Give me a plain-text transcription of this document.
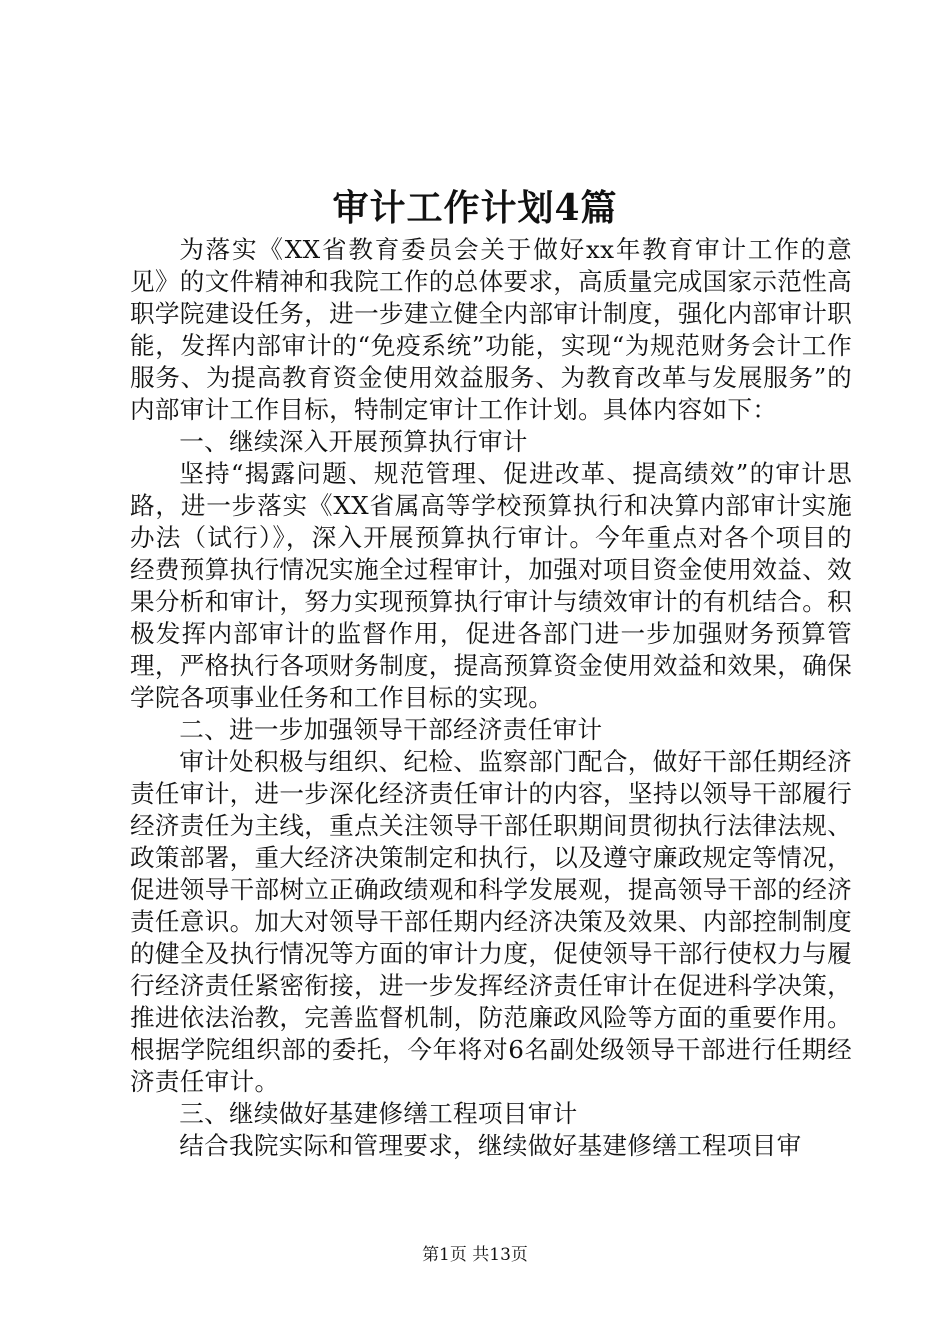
审计工作计划4篇

为落实《XX省教育委员会关于做好xx年教育审计工作的意见》的文件精神和我院工作的总体要求，高质量完成国家示范性高职学院建设任务，进一步建立健全内部审计制度，强化内部审计职能，发挥内部审计的“免疫系统”功能，实现“为规范财务会计工作服务、为提高教育资金使用效益服务、为教育改革与发展服务”的内部审计工作目标，特制定审计工作计划。具体内容如下：

一、继续深入开展预算执行审计

坚持“揭露问题、规范管理、促进改革、提高绩效”的审计思路，进一步落实《XX省属高等学校预算执行和决算内部审计实施办法（试行）》，深入开展预算执行审计。今年重点对各个项目的经费预算执行情况实施全过程审计，加强对项目资金使用效益、效果分析和审计，努力实现预算执行审计与绩效审计的有机结合。积极发挥内部审计的监督作用，促进各部门进一步加强财务预算管理，严格执行各项财务制度，提高预算资金使用效益和效果，确保学院各项事业任务和工作目标的实现。

二、进一步加强领导干部经济责任审计

审计处积极与组织、纪检、监察部门配合，做好干部任期经济责任审计，进一步深化经济责任审计的内容，坚持以领导干部履行经济责任为主线，重点关注领导干部任职期间贯彻执行法律法规、政策部署，重大经济决策制定和执行，以及遵守廉政规定等情况，促进领导干部树立正确政绩观和科学发展观，提高领导干部的经济责任意识。加大对领导干部任期内经济决策及效果、内部控制制度的健全及执行情况等方面的审计力度，促使领导干部行使权力与履行经济责任紧密衔接，进一步发挥经济责任审计在促进科学决策，推进依法治教，完善监督机制，防范廉政风险等方面的重要作用。根据学院组织部的委托，今年将对6名副处级领导干部进行任期经济责任审计。

三、继续做好基建修缮工程项目审计

结合我院实际和管理要求，继续做好基建修缮工程项目审

第1页 共13页
